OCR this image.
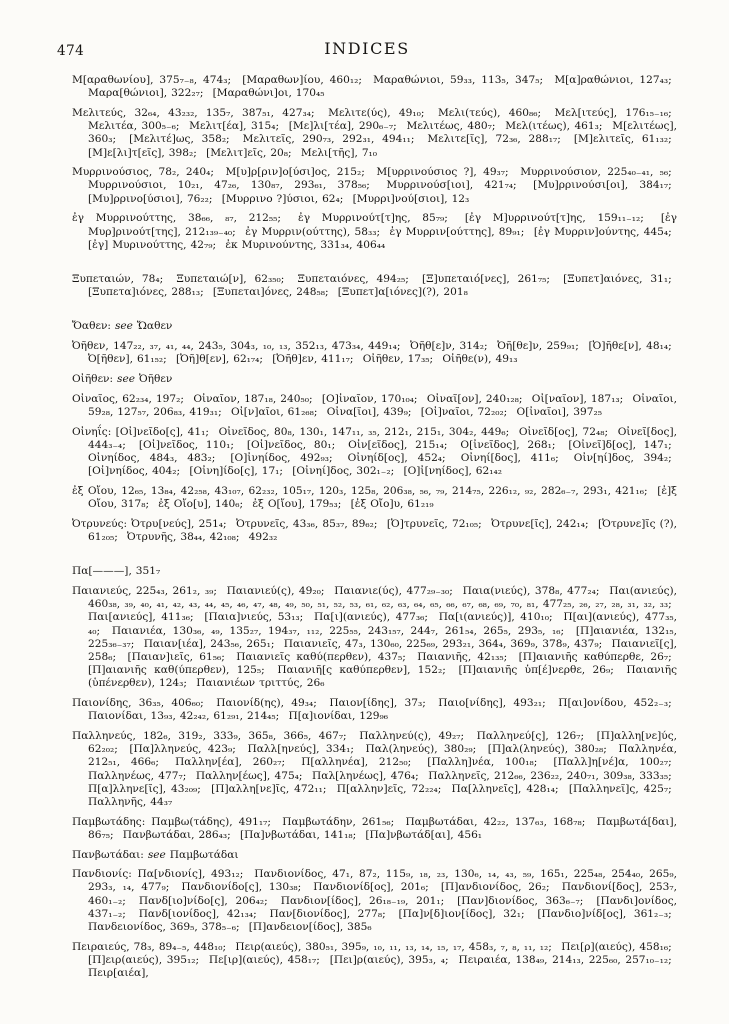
474	INDICES

Μ[αραθωνίου], 375₇₋₈, 474₃;  [Μαραθων]ίου, 460₁₂;  Μαραθώνιοι, 59₃₃, 113₅, 347₅;  Μ[α]ραθώνιοι, 127₄₃;  Μαρα[θώνιοι], 322₂₇;  [Μαραθώνι]οι, 170₄₅

Μελιτεύς, 32₆₄, 43₂₃₂, 135₇, 387₅₁, 427₃₄;  Μελιτε(ύς), 49₁₀;  Μελι(τεύς), 460₈₆;  Μελ[ιτεύς], 176₁₅₋₁₆;  Μελιτέα, 300₅₋₆;  Μελιτ[έα], 315₄;  [Με]λι[τέα], 290₆₋₇;  Μελιτέως, 480₇;  Μελ(ιτέως), 461₃;  Μ[ελιτέως], 360₃;  [Μελιτέ]ως, 358₂;  Μελιτεῖς, 290₇₃, 292₃₁, 494₁₁;  Μελιτε[ῖς], 72₃₆, 288₁₇;  [Μ]ελιτεῖς, 61₁₃₂;  [Μ]ε[λι]τ[εῖς], 398₂;  [Μελιτ]εῖς, 20₈;  Μελι[τῆς], 7₁₀

Μυρρινούσιος, 78₂, 240₄;  Μ[υ]ρ[ριν]ο[ύσι]ος, 215₂;  Μ[υρρινούσιος ?], 49₃₇;  Μυρρινούσιον, 225₄₀₋₄₁, ₅₆;  Μυρρινούσιοι, 10₂₁, 47₂₆, 130₈₇, 293₆₁, 378₅₆;  Μυρρινούσ[ιοι], 421₇₄;  [Μυ]ρρινούσι[οι], 384₁₇;  [Μυ]ρρινο[ύσιοι], 76₂₂;  [Μυρρινο ?]ύσιοι, 62₄;  [Μυρρι]νού[σιοι], 12₃

ἐγ Μυρρινούττης, 38₆₆, ₈₇, 212₅₅;  ἐγ Μυρρινούτ[τ]ης, 85₇₉;  [ἐγ Μ]υρρινούτ[τ]ης, 159₁₁₋₁₂;  [ἐγ Μυρ]ρινούτ[της], 212₁₃₉₋₄₀;  ἐγ Μυρριν(ούττης), 58₃₃;  ἐγ Μυρριν[ούττης], 89₉₁;  [ἐγ Μυρριν]ούντης, 445₄;  [ἐγ] Μυρινούττης, 42₇₉;  ἐκ Μυρινούντης, 331₃₄, 406₄₄

Ξυπεταιών, 78₄;  Ξυπεταιώ[ν], 62₃₅₀;  Ξυπεταιόνες, 494₂₅;  [Ξ]υπεταιό[νες], 261₇₅;  [Ξυπετ]αιόνες, 31₁;  [Ξυπετα]ιόνες, 288₁₃;  [Ξυπεται]όνες, 248₅₈;  [Ξυπετ]α[ιόνες](?), 201₈

Ὄαθεν: see Ὤαθεν

Ὀῆθεν, 147₂₂, ₃₇, ₄₁, ₄₄, 243₅, 304₃, ₁₀, ₁₃, 352₁₃, 473₃₄, 449₁₄;  Ὀῆθ[ε]ν, 314₂;  Ὀῆ[θε]ν, 259₉₁;  [Ὀ]ῆθε[ν], 48₁₄;  Ὀ[ῆθεν], 61₁₅₂;  [Ὀῆ]θ[εν], 62₁₇₄;  [Ὀῆθ]εν, 411₁₇;  Οἰῆθεν, 17₃₅;  Οἰῆθε(ν), 49₁₃

Οἰῆθεν: see Ὀῆθεν

Οἰναῖος, 62₂₃₄, 197₂;  Οἰναῖον, 187₁₈, 240₅₀;  [Ο]ἰναῖον, 170₁₀₄;  Οἰναῖ[ον], 240₁₂₈;  Οἰ[ναῖον], 187₁₃;  Οἰναῖοι, 59₂₈, 127₅₇, 206₈₃, 419₃₁;  Οἰ[ν]αῖοι, 61₂₆₈;  Οἰνα[ῖοι], 439₉;  [Οἰ]ναῖοι, 72₂₀₂;  Ο[ἰναῖοι], 397₂₅

Οἰνηΐς: [Οἰ]νεῖδο[ς], 41₁;  Οἰνεῖδος, 80₈, 130₁, 147₁₁, ₃₅, 212₁, 215₁, 304₂, 449₆;  Οἰνεῖδ[ος], 72₄₈;  Οἰνεῖ[δος], 444₃₋₄;  [Οἰ]νεῖδος, 110₁;  [Οἰ]νεῖδος, 80₁;  Οἰν[εῖδος], 215₁₄;  Ο[ἰνεῖδος], 268₁;  [Οἰνεῖ]δ[ος], 147₁;  Οἰνηίδος, 484₃, 483₂;  [Ο]ἰνηίδος, 492₉₃;  Οἰνηίδ[ος], 452₄;  Οἰνηί[δος], 411₆;  Οἰν[ηί]δος, 394₂;  [Οἰ]νηίδος, 404₂;  [Οἰνη]ίδο[ς], 17₁;  [Οἰνηί]δος, 302₁₋₂;  [Ο]ἰ[νηίδος], 62₁₄₂

ἐξ Οἴου, 12₆₅, 13₈₄, 42₂₅₈, 43₁₀₇, 62₂₃₂, 105₁₇, 120₃, 125₈, 206₃₈, ₅₆, ₇₉, 214₇₅, 226₁₂, ₉₂, 282₆₋₇, 293₁, 421₁₆;  [ἐ]ξ Οἴου, 317₈;  ἐξ Οἴο[υ], 140₆;  ἐξ Ο[ἴου], 179₅₃;  [ἐξ Οἴο]υ, 61₂₁₉

Ὀτρυνεύς: Ὀτρυ[νεύς], 251₄;  Ὀτρυνεῖς, 43₃₆, 85₃₇, 89₆₂;  [Ὀ]τρυνεῖς, 72₁₀₅;  Ὀτρυνε[ῖς], 242₁₄;  [Ὀτρυνε]ῖς (?), 61₂₀₅;  Ὀτρυνῆς, 38₄₄, 42₁₀₈;  492₃₂

Πα[———], 351₇

Παιανιεύς, 225₄₃, 261₂, ₃₉;  Παιανιεύ(ς), 49₂₀;  Παιανιε(ύς), 477₂₉₋₃₀;  Παια(νιεύς), 378₈, 477₂₄;  Παι(ανιεύς), 460₃₈, ₃₉, ₄₀, ₄₁, ₄₂, ₄₃, ₄₄, ₄₅, ₄₆, ₄₇, ₄₈, ₄₉, ₅₀, ₅₁, ₅₂, ₅₃, ₆₁, ₆₂, ₆₃, ₆₄, ₆₅, ₆₆, ₆₇, ₆₈, ₆₉, ₇₀, ₈₁, 477₂₅, ₂₆, ₂₇, ₂₈, ₃₁, ₃₂, ₃₃;  Παι[ανιεύς], 411₃₆;  [Παια]νιεύς, 53₁₃;  Πα[ι](ανιεύς), 477₃₆;  Πα[ι(ανιεύς)], 410₁₀;  Π[αι](ανιεύς), 477₃₅, ₄₀;  Παιανιέα, 130₃₆, ₄₉, 135₂₇, 194₃₇, ₁₁₂, 225₅₅, 243₁₅₇, 244₇, 261₅₄, 265₅, 293₅, ₁₆;  [Π]αιανιέα, 132₁₅, 225₃₆₋₃₇;  Παιαν[ιέα], 243₅₆, 265₁;  Παιανιεῖς, 47₃, 130₆₀, 225₆₉, 293₂₁, 364₄, 369₉, 378₉, 437₉;  Παιανιεῖ[ς], 258₆;  [Παιαν]ιεῖς, 61₅₆;  Παιανιεῖς καθύ(περθεν), 437₅;  Παιανιῆς, 42₁₃₅;  [Π]αιανιῆς καθύπερθε, 26₇;  [Π]αιανιῆς καθ(ύπερθεν), 125₅;  Παιανιῆ[ς καθύπερθεν], 152₂;  [Π]αιανιῆς ὑπ[έ]νερθε, 26₉;  Παιανιῆς (ὑπένερθεν), 124₃;  Παιανιέων τριττύς, 26₆

Παιονίδης, 36₃₅, 406₆₀;  Παιονίδ(ης), 49₃₄;  Παιον[ίδης], 37₃;  Παιο[νίδης], 493₂₁;  Π[αι]ονίδου, 452₂₋₃;  Παιονίδαι, 13₉₃, 42₂₄₂, 61₂₉₁, 214₄₅;  Π[α]ιονίδαι, 129₉₆

Παλληνεύς, 182₆, 319₂, 333₉, 365₈, 366₅, 467₇;  Παλληνεύ(ς), 49₂₇;  Παλληνεύ[ς], 126₇;  [Π]αλλη[νε]ύς, 62₂₀₂;  [Πα]λληνεύς, 423₉;  Παλλ[ηνεύς], 334₁;  Παλ(ληνεύς), 380₂₉;  [Π]αλ(ληνεύς), 380₂₈;  Παλληνέα, 212₅₁, 466₆;  Παλλην[έα], 260₂₇;  Π[αλληνέα], 212₅₀;  [Παλλη]νέα, 100₁₈;  [Παλλ]η[νέ]α, 100₂₇;  Παλληνέως, 477₇;  Παλλην[έως], 475₄;  Παλ[ληνέως], 476₄;  Παλληνεῖς, 212₆₆, 236₂₂, 240₇₁, 309₃₈, 333₃₅;  Π[α]λληνε[ῖς], 43₂₀₉;  [Π]αλλη[νε]ῖς, 472₁₁;  Π[αλλην]εῖς, 72₂₂₄;  Πα[λληνεῖς], 428₁₄;  [Παλληνεῖ]ς, 425₇;  Παλληνῆς, 44₃₇

Παμβωτάδης: Παμβω(τάδης), 491₁₇;  Παμβωτάδην, 261₅₆;  Παμβωτάδαι, 42₂₂, 137₆₃, 168₇₈;  Παμβωτά[δαι], 86₇₅;  Πανβωτάδαι, 286₄₃;  [Πα]νβωτάδαι, 141₁₈;  [Πα]νβωτάδ[αι], 456₁

Πανβωτάδαι: see Παμβωτάδαι

Πανδιονίς: Πα[νδιονίς], 493₁₂;  Πανδιονίδος, 47₁, 87₂, 115₉, ₁₈, ₂₃, 130₆, ₁₄, ₄₃, ₅₉, 165₁, 225₄₈, 254₄₀, 265₉, 293₃, ₁₄, 477₉;  Πανδιονίδο[ς], 130₃₈;  Πανδιονίδ[ος], 201₆;  [Π]ανδιονίδος, 26₂;  Πανδιονί[δος], 253₇, 460₁₋₂;  Πανδ[ιο]νίδο[ς], 206₄₂;  Πανδιον[ίδος], 26₁₈₋₁₉, 201₁;  [Παν]διονίδος, 363₆₋₇;  [Πανδι]ονίδος, 437₁₋₂;  Πανδ[ιονίδος], 42₁₃₄;  Παν[διονίδος], 277₈;  [Πα]ν[δ]ιον[ίδος], 32₁;  [Πανδιο]νίδ[ος], 361₂₋₃;  Πανδειονίδος, 369₅, 378₅₋₆;  [Π]ανδειον[ίδος], 385₆

Πειραιεύς, 78₃, 89₄₋₅, 448₁₀;  Πειρ(αιεύς), 380₅₁, 395₉, ₁₀, ₁₁, ₁₃, ₁₄, ₁₅, ₁₇, 458₃, ₇, ₈, ₁₁, ₁₂;  Πει[ρ](αιεύς), 458₁₆;  [Π]ειρ(αιεύς), 395₁₂;  Πε[ιρ](αιεύς), 458₁₇;  [Πει]ρ(αιεύς), 395₃, ₄;  Πειραιέα, 138₄₉, 214₁₃, 225₆₀, 257₁₀₋₁₂;  Πειρ[αιέα],
